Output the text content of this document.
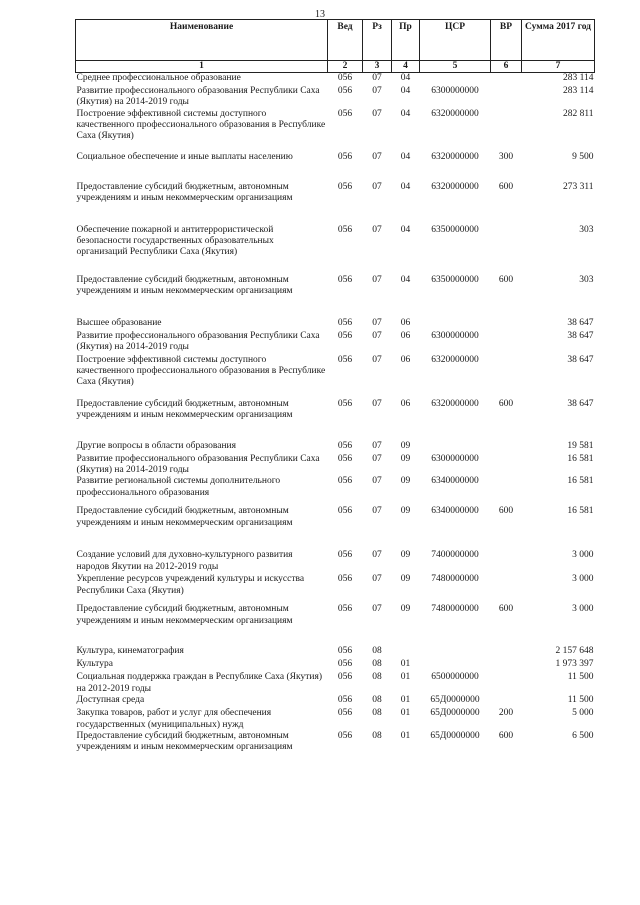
13
Наименование	Вед	Рз	Пр	ЦСР	ВР	Сумма 2017 год
1	2	3	4	5	6	7
Среднее профессиональное образование	056	07	04			283 114
Развитие профессионального образования Республики Саха (Якутия) на 2014-2019 годы	056	07	04	6300000000		283 114
Построение эффективной системы доступного качественного профессионального образования в Республике Саха (Якутия)	056	07	04	6320000000		282 811
Социальное обеспечение и иные выплаты населению	056	07	04	6320000000	300	9 500
Предоставление субсидий бюджетным, автономным учреждениям и иным некоммерческим организациям	056	07	04	6320000000	600	273 311
Обеспечение пожарной и антитеррористической безопасности государственных образовательных организаций Республики Саха (Якутия)	056	07	04	6350000000		303
Предоставление субсидий бюджетным, автономным учреждениям и иным некоммерческим организациям	056	07	04	6350000000	600	303
Высшее образование	056	07	06			38 647
Развитие профессионального образования Республики Саха (Якутия) на 2014-2019 годы	056	07	06	6300000000		38 647
Построение эффективной системы доступного качественного профессионального образования в Республике Саха (Якутия)	056	07	06	6320000000		38 647
Предоставление субсидий бюджетным, автономным учреждениям и иным некоммерческим организациям	056	07	06	6320000000	600	38 647
Другие вопросы в области образования	056	07	09			19 581
Развитие профессионального образования Республики Саха (Якутия) на 2014-2019 годы	056	07	09	6300000000		16 581
Развитие региональной системы дополнительного профессионального образования	056	07	09	6340000000		16 581
Предоставление субсидий бюджетным, автономным учреждениям и иным некоммерческим организациям	056	07	09	6340000000	600	16 581
Создание условий для духовно-культурного развития народов Якутии на 2012-2019 годы	056	07	09	7400000000		3 000
Укрепление ресурсов учреждений культуры и искусства Республики Саха (Якутия)	056	07	09	7480000000		3 000
Предоставление субсидий бюджетным, автономным учреждениям и иным некоммерческим организациям	056	07	09	7480000000	600	3 000
Культура, кинематография	056	08				2 157 648
Культура	056	08	01			1 973 397
Социальная поддержка граждан в Республике Саха (Якутия) на 2012-2019 годы	056	08	01	6500000000		11 500
Доступная среда	056	08	01	65Д0000000		11 500
Закупка товаров, работ и услуг для обеспечения государственных (муниципальных) нужд	056	08	01	65Д0000000	200	5 000
Предоставление субсидий бюджетным, автономным учреждениям и иным некоммерческим организациям	056	08	01	65Д0000000	600	6 500
